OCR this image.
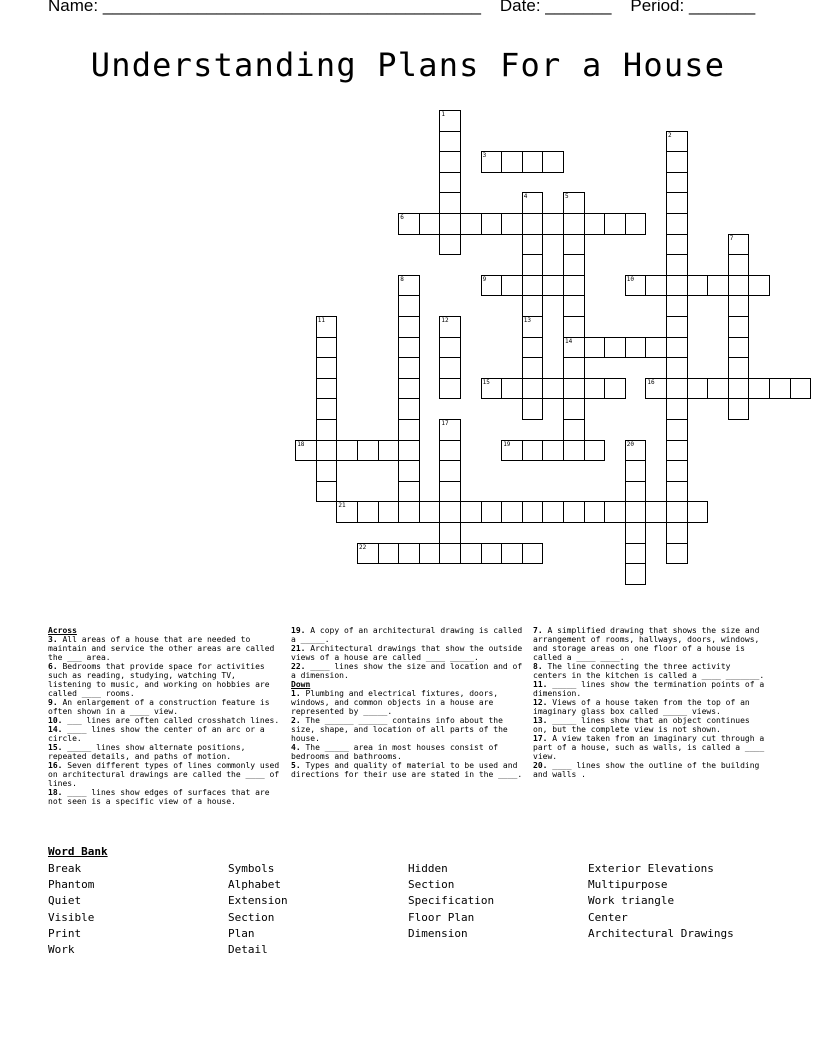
Name: ________________________________________ Date: _______ Period: _______
Understanding Plans For a House
3
6
9	10
14
15	16
18	19
21
22
1
2
4	5
7
8
11	12	13
17
20

Across

3. All areas of a house that are needed to maintain and service the other areas are called the ___ area.

6. Bedrooms that provide space for activities such as reading, studying, watching TV, listening to music, and working on hobbies are called ____ rooms.

9. An enlargement of a construction feature is often shown in a ____ view.

10. ___ lines are often called crosshatch lines.

14. ____ lines show the center of an arc or a circle.

15. _____ lines show alternate positions, repeated details, and paths of motion.

16. Seven different types of lines commonly used on architectural drawings are called the ____ of lines.

18. ____ lines show edges of surfaces that are not seen is a specific view of a house.

19. A copy of an architectural drawing is called a _____.

21. Architectural drawings that show the outside views of a house are called ____ _____.

22. ____ lines show the size and location and of a dimension.

Down

1. Plumbing and electrical fixtures, doors, windows, and common objects in a house are represented by _____.

2. The ______ ______ contains info about the size, shape, and location of all parts of the house.

4. The _____ area in most houses consist of bedrooms and bathrooms.

5. Types and quality of material to be used and directions for their use are stated in the ____.

7. A simplified drawing that shows the size and arrangement of rooms, hallways, doors, windows, and storage areas on one floor of a house is called a ____ ____.

8. The line connecting the three activity centers in the kitchen is called a ____ _______.

11. _____ lines show the termination points of a dimension.

12. Views of a house taken from the top of an imaginary glass box called _____ views.

13. _____ lines show that an object continues on, but the complete view is not shown.

17. A view taken from an imaginary cut through a part of a house, such as walls, is called a ____ view.

20. ____ lines show the outline of the building and walls .

Word Bank
Break
Phantom
Quiet
Visible
Print
Work
Symbols
Alphabet
Extension
Section
Plan
Detail
Hidden
Section
Specification
Floor Plan
Dimension
Exterior Elevations
Multipurpose
Work triangle
Center
Architectural Drawings
